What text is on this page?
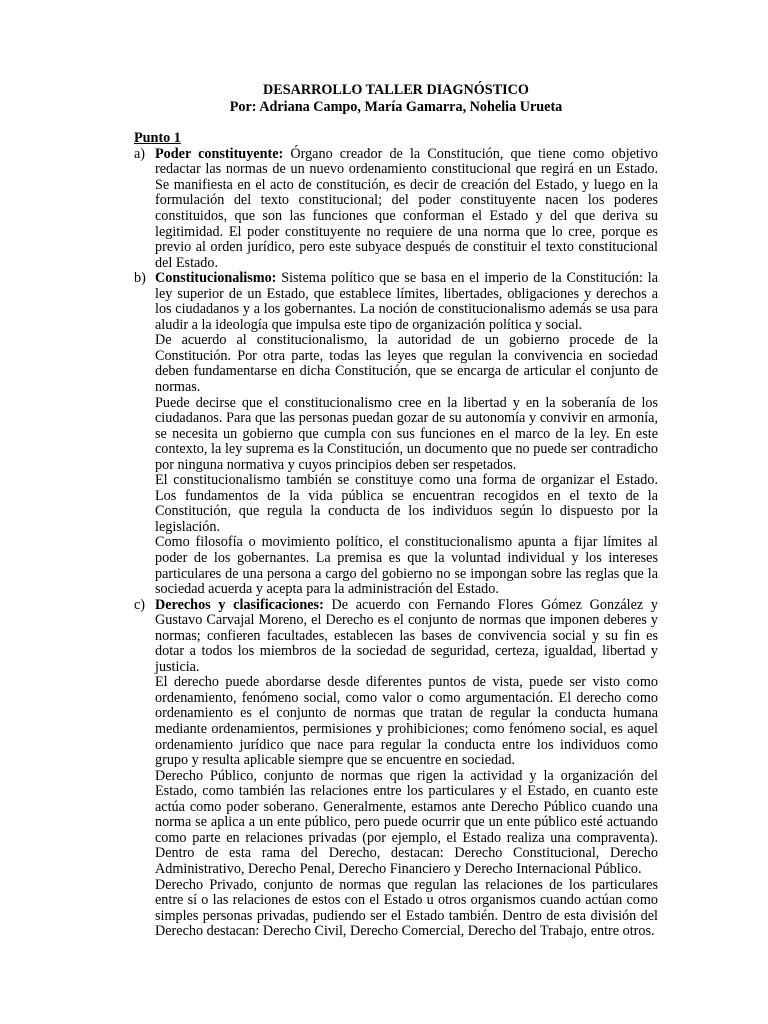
DESARROLLO TALLER DIAGNÓSTICO
Por: Adriana Campo, María Gamarra, Nohelia Urueta
Punto 1
a) Poder constituyente: Órgano creador de la Constitución, que tiene como objetivo redactar las normas de un nuevo ordenamiento constitucional que regirá en un Estado. Se manifiesta en el acto de constitución, es decir de creación del Estado, y luego en la formulación del texto constitucional; del poder constituyente nacen los poderes constituidos, que son las funciones que conforman el Estado y del que deriva su legitimidad. El poder constituyente no requiere de una norma que lo cree, porque es previo al orden jurídico, pero este subyace después de constituir el texto constitucional del Estado.

b) Constitucionalismo: Sistema político que se basa en el imperio de la Constitución: la ley superior de un Estado, que establece límites, libertades, obligaciones y derechos a los ciudadanos y a los gobernantes. La noción de constitucionalismo además se usa para aludir a la ideología que impulsa este tipo de organización política y social.

De acuerdo al constitucionalismo, la autoridad de un gobierno procede de la Constitución. Por otra parte, todas las leyes que regulan la convivencia en sociedad deben fundamentarse en dicha Constitución, que se encarga de articular el conjunto de normas.

Puede decirse que el constitucionalismo cree en la libertad y en la soberanía de los ciudadanos. Para que las personas puedan gozar de su autonomía y convivir en armonía, se necesita un gobierno que cumpla con sus funciones en el marco de la ley. En este contexto, la ley suprema es la Constitución, un documento que no puede ser contradicho por ninguna normativa y cuyos principios deben ser respetados.

El constitucionalismo también se constituye como una forma de organizar el Estado. Los fundamentos de la vida pública se encuentran recogidos en el texto de la Constitución, que regula la conducta de los individuos según lo dispuesto por la legislación.

Como filosofía o movimiento político, el constitucionalismo apunta a fijar límites al poder de los gobernantes. La premisa es que la voluntad individual y los intereses particulares de una persona a cargo del gobierno no se impongan sobre las reglas que la sociedad acuerda y acepta para la administración del Estado.

c) Derechos y clasificaciones: De acuerdo con Fernando Flores Gómez González y Gustavo Carvajal Moreno, el Derecho es el conjunto de normas que imponen deberes y normas; confieren facultades, establecen las bases de convivencia social y su fin es dotar a todos los miembros de la sociedad de seguridad, certeza, igualdad, libertad y justicia.

El derecho puede abordarse desde diferentes puntos de vista, puede ser visto como ordenamiento, fenómeno social, como valor o como argumentación. El derecho como ordenamiento es el conjunto de normas que tratan de regular la conducta humana mediante ordenamientos, permisiones y prohibiciones; como fenómeno social, es aquel ordenamiento jurídico que nace para regular la conducta entre los individuos como grupo y resulta aplicable siempre que se encuentre en sociedad.

Derecho Público, conjunto de normas que rigen la actividad y la organización del Estado, como también las relaciones entre los particulares y el Estado, en cuanto este actúa como poder soberano. Generalmente, estamos ante Derecho Público cuando una norma se aplica a un ente público, pero puede ocurrir que un ente público esté actuando como parte en relaciones privadas (por ejemplo, el Estado realiza una compraventa). Dentro de esta rama del Derecho, destacan: Derecho Constitucional, Derecho Administrativo, Derecho Penal, Derecho Financiero y Derecho Internacional Público.

Derecho Privado, conjunto de normas que regulan las relaciones de los particulares entre sí o las relaciones de estos con el Estado u otros organismos cuando actúan como simples personas privadas, pudiendo ser el Estado también. Dentro de esta división del Derecho destacan: Derecho Civil, Derecho Comercial, Derecho del Trabajo, entre otros.
